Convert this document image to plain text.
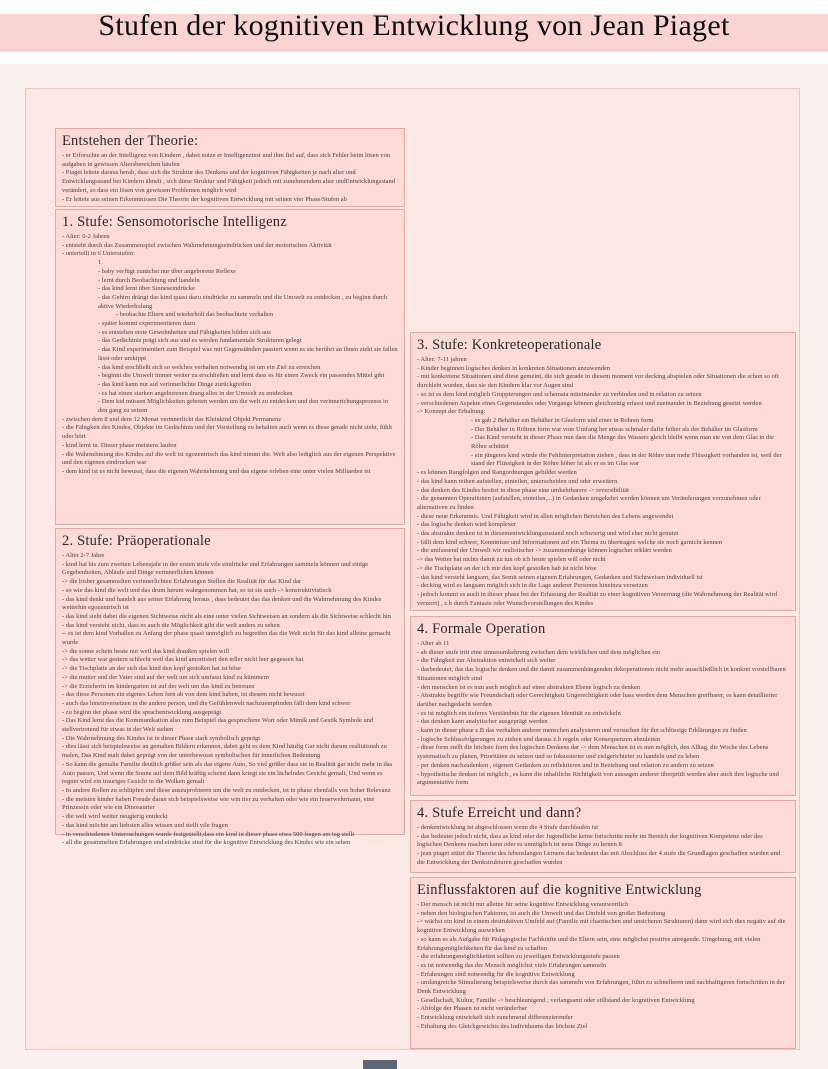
Stufen der kognitiven Entwicklung von Jean Piaget
Entstehen der Theorie:
- er Erforschte an der Intelligenz von Kindern , dabei nutze er Intelligenztest und ihm fiel auf, dass sich Fehler beim lösen von aufgaben in gewissen Altersbereichen häufen
- Piaget leitete daraus herab, dass sich die Struktur des Denkens und der kognitiven Fähigkeiten je nach alter und Entwicklungsstand bei Kindern ähnelt , sich diese Struktur und Fähigkeit jedoch mit zunehmendem alter undEntwicklungsstand verändert, so dass ein lösen von gewissen Problemen möglich wird
- Er leitete aus seinen Erkenntnissen Die Theorie der kognitiven Entwicklung mit seinen vier Phase/Stufen ab
1. Stufe: Sensomotorische Intelligenz
- Alter: 0-2 Jahren
- entsteht durch das Zusammenspiel zwischen Wahrnehmungseindrücken und der motorischen Aktivität
- unterteilt in 6 Unterstufen:
1.
- baby verfügt zunächst nur über angeborene Reflexe
- lernt durch Beobachtung und handeln
- das kind lernt über Sinneseindrücke
- das Gehirn drängt das kind quasi dazu eindrücke zu sammeln und die Umwelt zu entdecken , zu beginn durch aktive Wiederholung
- beobachte Eltern und wiederholt das beobachtete verhalten
- später kommt experimentieren dazu
- es entstehen erste Gewohnheiten und Fähigkeiten bilden sich aus
- das Gedächtnis prägt sich aus und es werden fundamentale Strukturen gelegt
- das Kind experimentiert zum Beispiel was mit Gegenständen passiert wenn es sie berührt an ihnen zieht sie fallen lässt oder umkippt
- das kind erschließt sich so welches verhalten notwendig ist um ein Ziel zu erreichen
- beginnt die Umwelt immer weiter zu erschließen und lernt dass es für einen Zweck ein passendes Mittel gibt
- das kind kann nur auf verinnerlichte Dinge zurückgreifen
- es hat einen starken angeborenen drang alles in der Umwelt zu entdecken
- Dem kid müssen Möglichkeiten geboten werden um die welt zu entdecken und den verinnerichungsprozess in den gang zu setzen
- zwischen dem 8 und dem 12 Monat verinnerlicht das Kleinkind Objekt Permanenz
- die Fähigkeit des Kindes, Objekte im Gedächtnis und der Vorstellung zu behalten auch wenn es diese gerade nicht sieht, fühlt oder hört
- kind lernt in. Dieser phase meistens laufen
- die Wahrnehmung des Kindes auf die welt ist egozentrisch das kind nimmt die. Welt also lediglich aus der eigenen Perspektive und den eigenen eindrucken war
- dem kind ist es nicht bewusst, dass die eigenen Wahrnehmung und das eigene erleben eine unter vielen Milliarden ist
2. Stufe: Präoperationale
- Alter 2-7 Jahre
- kind hat bis zum zweiten Lebensjahr in der ersten stufe vile eindrücke und Erfahrungen sammeln können und einige Gegebenheiten, Abläufe und Dinge verinnerlichen können
-> die bisher gesammelten verinnerlichten Erfahrungen Stellen die Realität für das Kind dar
- so wie das kind die welt und das drum herum wahrgenommen hat, so ist sie auch -> konstruktivistisch
- das kind denkt und handelt aus seiner Erfahrung heraus , dass bedeutet das das denken und die Wahrnehmung des Kindes weiterhin egozentrisch ist
- das kind sieht dabei die eigenen Sichtweise nicht als eine unter vielen Sichtweisen an sondern als die Sichtweise schlecht hin
- das kind versteht nicht, dass es auch die Möglichkeit gibt die welt anders zu sehen
-- es ist dem kind Vorhallen zu Anfang der phase quasi unmöglich zu begreifen das die Welt nicht für das kind alleine gemacht wurde
-> die sonne schein heute nur weil das kind draußen spielen will
-> das wetter war gestern schlecht weil das kind amortisiert den teller nicht leer gegessen hat
-> die Tischplatte an der sich das kind den kopf gestoßen hat ist böse
-> die mutter und der Vater sind auf der welt um sich umfasst kind zu kümmern
-> die Erzieherin im kindergarten ist auf der welt um das kind zu betreuen
- das diese Personen ein eigenes Leben fern ab von dem kind haben, ist diesem nicht bewusst
- auch das hineinversetzen in die andere person, und die Gefühlenwelt nachzuempfinden fällt dem kind schwer
- zu beginn der phase wird die sprachentwicklung ausgeprägt
- Das Kind lernt das die Kommunikation also zum Beispiel das gesprochene Wort oder Mimik und Gestik Symbole und stellvertretend für etwas in der Welt stehen
- Die Wahrnehmung des Kindes ist in dieser Phase stark symbolisch geprägt
- dies lässt sich beispielsweise an gemalten Bildern erkennen, dabei geht es dem Kind häufig Gar nicht darum realitätsnah zu malen, Das Kind malt dabei geprägt von der unterbewusst symbolischen für innerlichen Bedeutung
- So kann die gemalte Familie deutlich größer sein als das eigene Auto, So viel größer dass sie in Realität gar nicht mehr in das Auto passen, Und wenn die Sonne auf dem Bild kräftig scheint dann kriegt sie ein lächelndes Gesicht gemalt, Und wenn es regnet wird ein trauriges Gesicht in die Wolken gemalt
- In andere Rollen zu schlüpfen und diese auszuprobieren um die welt zu entdecken, ist in phase ebenfalls von hoher Relevanz
- die meisten kinder haben Freude daran sich beispielsweise wie win tier zu verhalten oder wie ein feuerwehrmann, eine Prinzessin oder wie ein Dinosaurier
- die welt wird weiter neugierig entdeckt
- das kind möchte am liebsten alles wissen und stellt vile fragen
- in verschiedenen Untersuchungen wurde festgestellt,dass ein kind in dieser phase etwa 500 fragen am tag stellt
- all die gesammelten Erfahrungen und eindrücke sind für die kognitive Entwicklung des Kindes wie ein sehen
3. Stufe: Konkreteoperationale
- Alter: 7-11 jahren
- Kinder beginnen logisches denken in konkreten Situationen anzuwenden
- mit konkretene Situationen sind diese gemeint, die sich gerade in diesem moment vor decking abspielen oder Situationen die schon so oft durchlebt wurden, dass sie den Kindern klar vor Augen sind
- so ist es dem kind möglich Gruppierungen und schemata miteinander zu verbinden und in relation zu setzen
- verschiedenen Aspekte eines Gegenstandes oder Vorgangs können gleichzeitig erfasst und zueinander in Beziehung gesetzt werden
-> Konzept der Erhaltung:
- es gab 2 Behälter ein Behälter in Glasform und einer in Rohren form
- Der Behälter in Röhren form war vom Umfang her etwas schmaler dafür höher als der Behälter im Glasform
- Das Kind versteht in dieser Phase nun dass die Menge des Wassers gleich bleibt wenn man sie von dem Glas in die Röhre schüttet
- ein jüngeres kind würde die Fehlinterpretation ziehen , dass in der Röhre nun mehr Flüssigkeit vorhanden ist, weil der stand der Flüssigkeit in der Röhre höher ist als er es im Glas war
- es können Rangfolgen und Rangordnungen gebildet werden
- das kind kann reihen aufstellen, einteilen, unterscheiden und oder erweitern
- das denken des Kindes besitzt in diese phase eine umkehrbarere -> reversibilität
- die genannten Operationen (aufstellen, einteilen,...) in Gedanken umgekehrt werden können um Veränderungen vorzunehmen oder alternativen zu finden
- diese neue Erkenntnis. Und Fähigkeit wird in allen möglichen Bereichen des Lebens angewendet
- das logische denken wird komplexer
- das abstrakte denken ist in diesementwicklungszustand noch schwierig und wird eher nicht genutzt
- fällt dem kind schwer, Kenntnisse und Informationen auf ein Thema zu übertragen welche sie noch garnicht kennen
- die umfassend der Umwelt wir realistischer -> zusammenhänge können logischer erklärt werden
-> das Wetter hat nichts damit zu tun ob ich heute spielen will oder nicht
-> die Tischplatte an der ich mir den kopf gestoßen hab ist nicht böse
- das kind versteht langsam, das Semit seinen eigenen Erfahrungen, Gedanken und Sichtweisen individuell ist
- decking wird es langsam möglich sich in die Lage anderer Personen hineinzu versetzen
- jedoch kommt es auch in dieser phase bei der Erfassung der Realität zu einer kognitiven Verzerrung (die Wahrnehmung der Realität wird verzerrt) , z.b durch Fantasie oder Wunschvorstellungen des Kindes
4. Formale Operation
- Alter ab 11
- ab dieser stufe tritt eine sinnesumkehrung zwischen dem wirklichen und dem möglichen ein
- die Fähigkeit zur Abstraktion entwickelt sich weiter
- dasbedeutet, das das logische denken und die damit zusammenhängenden dekoperationen nicht mehr ausschließlich in konkret vorstellbaren Situationen möglich sind
- den menschen ist es nun auch möglich auf einer abstrakten Ebene logisch zu denken
- Abstrakte begriffe wie Freundschaft oder Gerechtigkeit Ungerechtigkeit oder hass werden dem Menschen greifbarer, es kann detaillierter darüber nachgedacht werden
- es ist möglich ein tieferes Verständnis für die eigenen Identität zu entwickeln
- das denken kann analytischer ausgeprägt werden
- kann in dieser phase z.B das verhalten anderer menschen analysieren und versuchen für ihn schlüssige Erklärungen zu finden
- logische Schlussfolgerungen zu ziehen und daraus z.b regeln oder Konsequenzen abzuleiten
- diese form stellt die höchste form des logischen Denkens dar -> dem Menschen ist es nun möglich, den Alltag, die Woche des Lebens systematisch zu planen, Prioritäten zu setzen und so fokussierter und zielgerichteter zu handeln und zu leben
- per denken nachzudenken , eigenen Gedanken zu reflektieren und in Beziehung und relation zu andern zu setzen
- hypothetische denken ist möglich , es kann die inhaltliche Richtigkeit von aussagen anderer überprüft werden aber auch ihre logische und argumentative form
4. Stufe Erreicht und dann?
- denkentwicklung ist abgeschlossen wenn die 4 Stufe durchlaufen ist
- das bedeutet jedoch nicht, dass as kind oder der Jugendliche keine fortschritte mehr im Bereich der kognitiven Kompetenz oder des logischen Denkens machen kann oder es unmöglich ist neue Dinge zu lernen 8
- jean piaget stützt die Theorie des lebenslangen Lernens das bedeutet das mit Abschluss der 4 stufe die Grundlagen geschaffen wurden und die Entwicklung der Denkstrukturen geschaffen wurden
Einflussfaktoren auf die kognitive Entwicklung
- Der mensch ist nicht nur alleine für seine kognitive Entwicklung verantwortlich
- neben den biologischen Faktoren, ist auch die Umwelt und das Umfeld von großer Bedeutung
-> wächst ein kind in einem destruktiven Umfeld auf (Familie mit chaotischen und unsicheren Strukturen) dann wird sich dies negativ auf die kognitive Entwicklung auswirken
- so kann es als Aufgabe für Pädagogische Fachkräfte und die Eltern sein, eine möglichst positive anregende. Umgebung, mit vielen Erfahrungsmöglichkeiten für das kind zu schaffen
- die erfahrungsmöglichkeiten sollten zu jeweiligen Entwicklungsstufe passen
- es ist notwendig das der Mensch möglichst viele Erfahrungen sammeln
- Erfahrungen sind notwendig für die kognitive Entwicklung
- umfangreiche Stimulierung beispielsweise durch das sammeln von Erfahrungen, führt zu schnelleren und nachhaltigeren fortschritten in der Denk Entwicklung
- Gesellschaft, Kultur, Familie -> beschleunigend , verlangsamt oder stillstand der kognitiven Entwicklung
- Abfolge der Phasen ist nicht veränderbar
- Entwicklung entwickelt sich zunehmend differenzierender
- Erhaltung des Gleichgewichts des Individuums das höchste Ziel
